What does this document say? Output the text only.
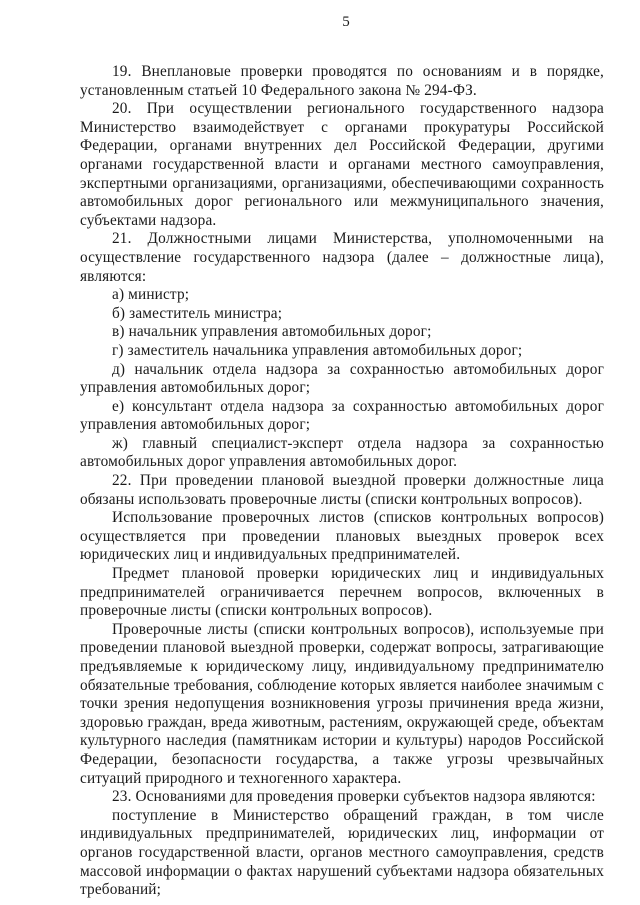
5

19. Внеплановые проверки проводятся по основаниям и в порядке, установленным статьей 10 Федерального закона № 294-ФЗ.

20. При осуществлении регионального государственного надзора Министерство взаимодействует с органами прокуратуры Российской Федерации, органами внутренних дел Российской Федерации, другими органами государственной власти и органами местного самоуправления, экспертными организациями, организациями, обеспечивающими сохранность автомобильных дорог регионального или межмуниципального значения, субъектами надзора.

21. Должностными лицами Министерства, уполномоченными на осуществление государственного надзора (далее – должностные лица), являются:

а) министр;

б) заместитель министра;

в) начальник управления автомобильных дорог;

г) заместитель начальника управления автомобильных дорог;

д) начальник отдела надзора за сохранностью автомобильных дорог управления автомобильных дорог;

е) консультант отдела надзора за сохранностью автомобильных дорог управления автомобильных дорог;

ж) главный специалист-эксперт отдела надзора за сохранностью автомобильных дорог управления автомобильных дорог.

22. При проведении плановой выездной проверки должностные лица обязаны использовать проверочные листы (списки контрольных вопросов).

Использование проверочных листов (списков контрольных вопросов) осуществляется при проведении плановых выездных проверок всех юридических лиц и индивидуальных предпринимателей.

Предмет плановой проверки юридических лиц и индивидуальных предпринимателей ограничивается перечнем вопросов, включенных в проверочные листы (списки контрольных вопросов).

Проверочные листы (списки контрольных вопросов), используемые при проведении плановой выездной проверки, содержат вопросы, затрагивающие предъявляемые к юридическому лицу, индивидуальному предпринимателю обязательные требования, соблюдение которых является наиболее значимым с точки зрения недопущения возникновения угрозы причинения вреда жизни, здоровью граждан, вреда животным, растениям, окружающей среде, объектам культурного наследия (памятникам истории и культуры) народов Российской Федерации, безопасности государства, а также угрозы чрезвычайных ситуаций природного и техногенного характера.

23. Основаниями для проведения проверки субъектов надзора являются:

поступление в Министерство обращений граждан, в том числе индивидуальных предпринимателей, юридических лиц, информации от органов государственной власти, органов местного самоуправления, средств массовой информации о фактах нарушений субъектами надзора обязательных требований;
